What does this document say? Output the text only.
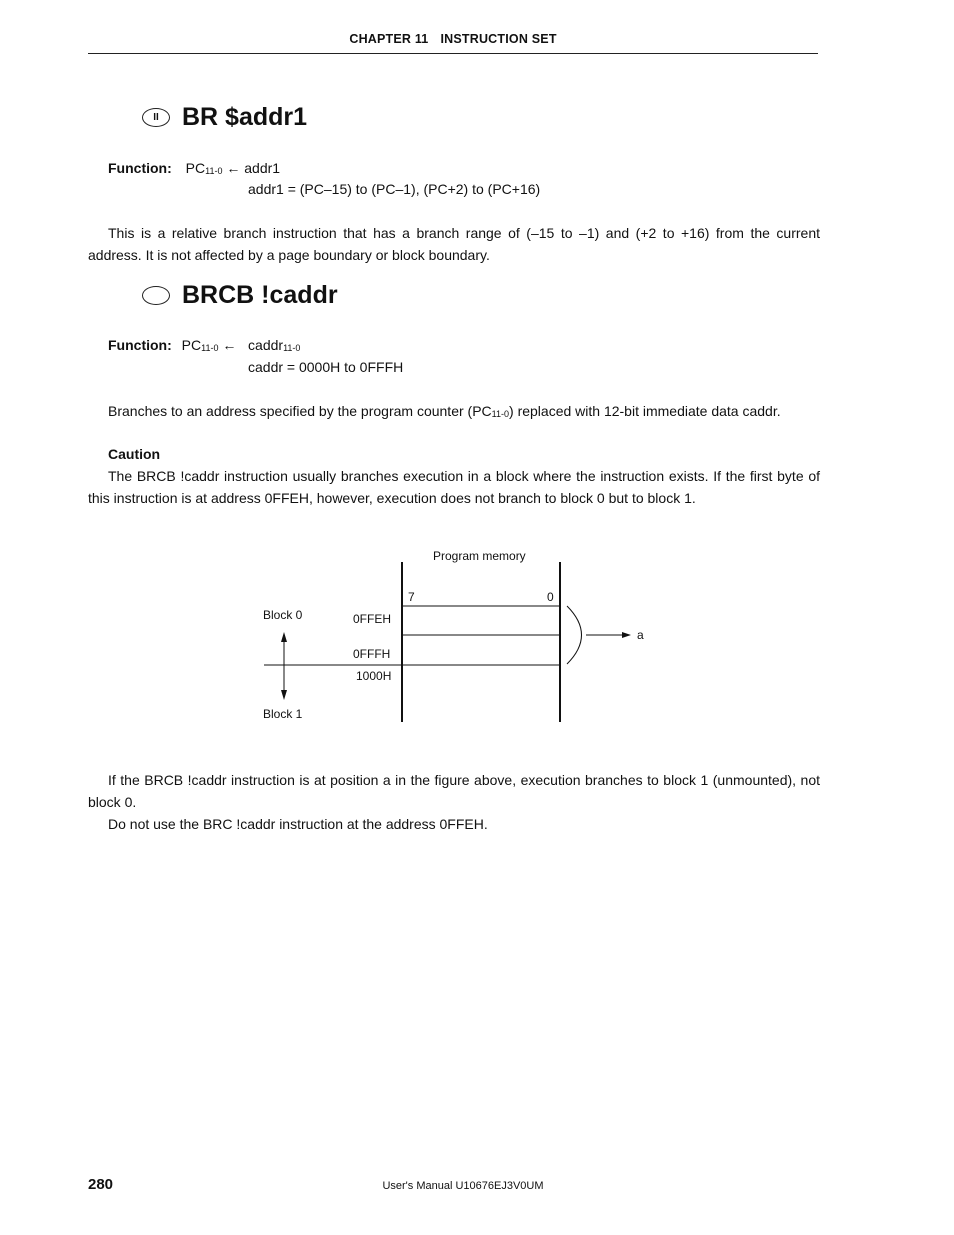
CHAPTER 11 INSTRUCTION SET
II BR $addr1
Function: $PC_{11-0}$ ← addr1
addr1 = (PC–15) to (PC–1), (PC+2) to (PC+16)
This is a relative branch instruction that has a branch range of (–15 to –1) and (+2 to +16) from the current address. It is not affected by a page boundary or block boundary.
BRCB !caddr
Function: $PC_{11-0}$ ←   caddr$_{11-0}$
caddr = 0000H to 0FFFH
Branches to an address specified by the program counter $(PC_{11-0})$ replaced with 12-bit immediate data caddr.
Caution
The BRCB !caddr instruction usually branches execution in a block where the instruction exists. If the first byte of this instruction is at address 0FFEH, however, execution does not branch to block 0 but to block 1.
Program memory
7	0
Block 0	0FFEH
0FFFH
1000H
Block 1
a
If the BRCB !caddr instruction is at position a in the figure above, execution branches to block 1 (unmounted), not block 0.
Do not use the BRC !caddr instruction at the address 0FFEH.
280	User's Manual U10676EJ3V0UM
